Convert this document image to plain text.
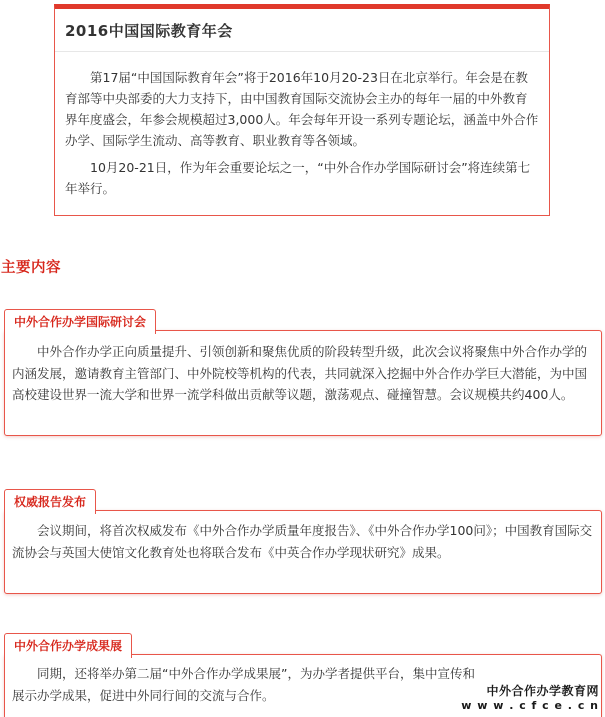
2016中国国际教育年会

第17届“中国国际教育年会”将于2016年10月20-23日在北京举行。年会是在教育部等中央部委的大力支持下，由中国教育国际交流协会主办的每年一届的中外教育界年度盛会，年参会规模超过3,000人。年会每年开设一系列专题论坛，涵盖中外合作办学、国际学生流动、高等教育、职业教育等各领域。

10月20-21日，作为年会重要论坛之一，“中外合作办学国际研讨会”将连续第七年举行。

主要内容
中外合作办学国际研讨会

中外合作办学正向质量提升、引领创新和聚焦优质的阶段转型升级，此次会议将聚焦中外合作办学的内涵发展，邀请教育主管部门、中外院校等机构的代表，共同就深入挖掘中外合作办学巨大潜能，为中国高校建设世界一流大学和世界一流学科做出贡献等议题，激荡观点、碰撞智慧。会议规模共约400人。

权威报告发布

会议期间，将首次权威发布《中外合作办学质量年度报告》、《中外合作办学100问》；中国教育国际交流协会与英国大使馆文化教育处也将联合发布《中英合作办学现状研究》成果。

中外合作办学成果展

同期，还将举办第二届“中外合作办学成果展”，为办学者提供平台，集中宣传和展示办学成果，促进中外同行间的交流与合作。	中外合作办学教育网
w w w . c f c e . c n
